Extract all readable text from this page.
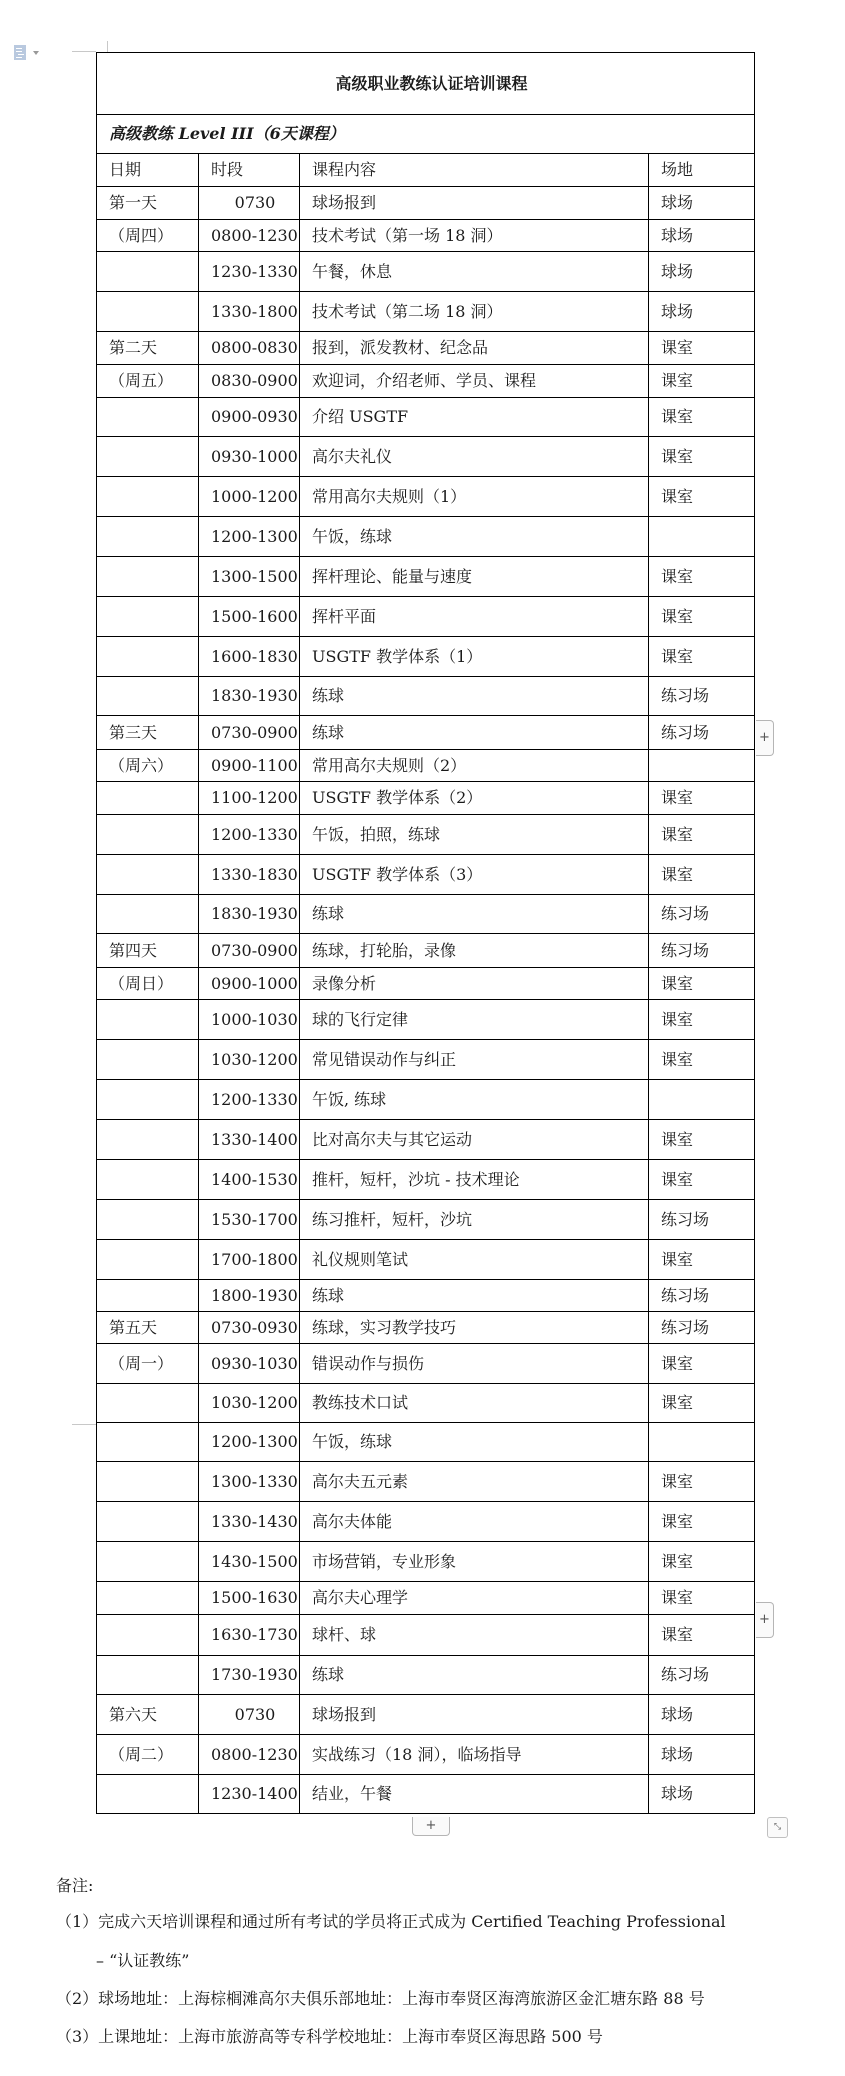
高级职业教练认证培训课程			
高级教练 Level III（6天课程）			
日期	时段	课程内容	场地
第一天	0730	球场报到	球场
（周四）	0800-1230	技术考试（第一场 18 洞）	球场
	1230-1330	午餐，休息	球场
	1330-1800	技术考试（第二场 18 洞）	球场
第二天	0800-0830	报到，派发教材、纪念品	课室
（周五）	0830-0900	欢迎词，介绍老师、学员、课程	课室
	0900-0930	介绍 USGTF	课室
	0930-1000	高尔夫礼仪	课室
	1000-1200	常用高尔夫规则（1）	课室
	1200-1300	午饭，练球	
	1300-1500	挥杆理论、能量与速度	课室
	1500-1600	挥杆平面	课室
	1600-1830	USGTF 教学体系（1）	课室
	1830-1930	练球	练习场
第三天	0730-0900	练球	练习场
（周六）	0900-1100	常用高尔夫规则（2）	
	1100-1200	USGTF 教学体系（2）	课室
	1200-1330	午饭，拍照，练球	课室
	1330-1830	USGTF 教学体系（3）	课室
	1830-1930	练球	练习场
第四天	0730-0900	练球，打轮胎，录像	练习场
（周日）	0900-1000	录像分析	课室
	1000-1030	球的飞行定律	课室
	1030-1200	常见错误动作与纠正	课室
	1200-1330	午饭, 练球	
	1330-1400	比对高尔夫与其它运动	课室
	1400-1530	推杆，短杆，沙坑 - 技术理论	课室
	1530-1700	练习推杆，短杆，沙坑	练习场
	1700-1800	礼仪规则笔试	课室
	1800-1930	练球	练习场
第五天	0730-0930	练球，实习教学技巧	练习场
（周一）	0930-1030	错误动作与损伤	课室
	1030-1200	教练技术口试	课室
	1200-1300	午饭，练球	
	1300-1330	高尔夫五元素	课室
	1330-1430	高尔夫体能	课室
	1430-1500	市场营销，专业形象	课室
	1500-1630	高尔夫心理学	课室
	1630-1730	球杆、球	课室
	1730-1930	练球	练习场
第六天	0730	球场报到	球场
（周二）	0800-1230	实战练习（18 洞），临场指导	球场
	1230-1400	结业，午餐	球场
+
+
+	⤡
备注:
（1）完成六天培训课程和通过所有考试的学员将正式成为 Certified Teaching Professional
– “认证教练”
（2）球场地址：上海棕榈滩高尔夫俱乐部地址：上海市奉贤区海湾旅游区金汇塘东路 88 号
（3）上课地址：上海市旅游高等专科学校地址：上海市奉贤区海思路 500 号
